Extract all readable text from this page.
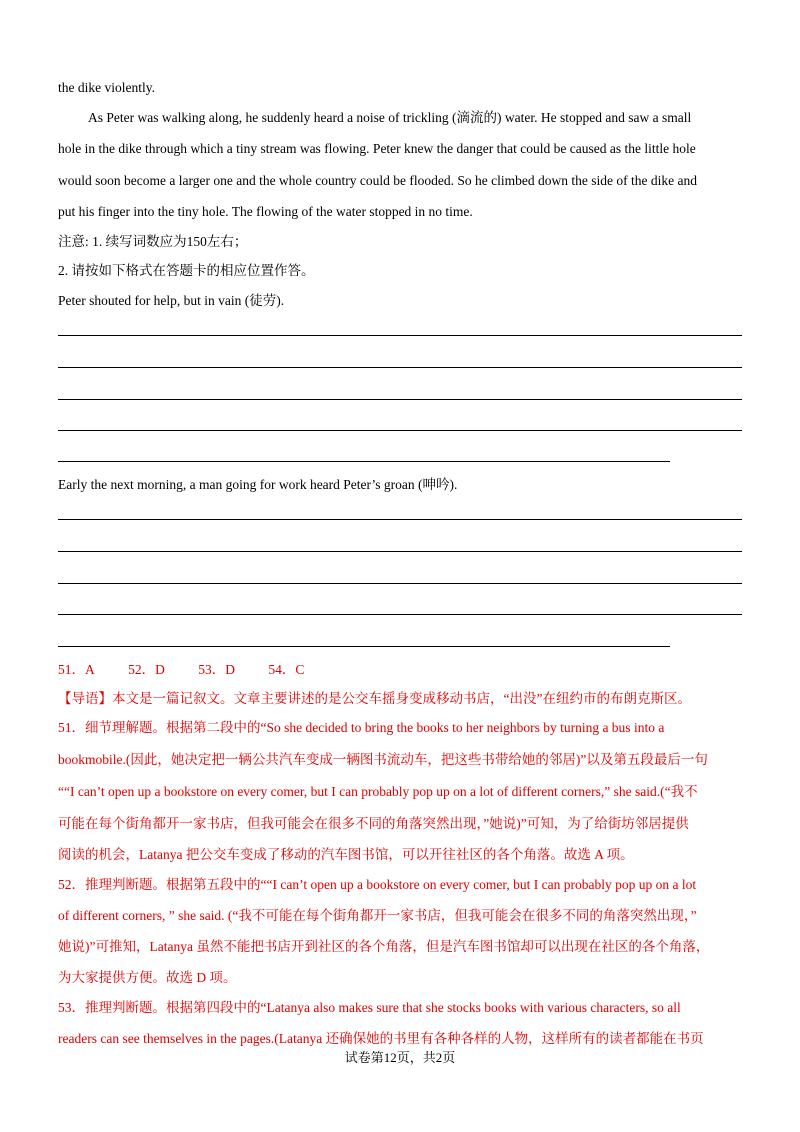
the dike violently.
As Peter was walking along, he suddenly heard a noise of trickling (滴流的) water. He stopped and saw a small
hole in the dike through which a tiny stream was flowing. Peter knew the danger that could be caused as the little hole
would soon become a larger one and the whole country could be flooded. So he climbed down the side of the dike and
put his finger into the tiny hole. The flowing of the water stopped in no time.
注意: 1. 续写词数应为150左右；
2. 请按如下格式在答题卡的相应位置作答。
Peter shouted for help, but in vain (徒劳).
Early the next morning, a man going for work heard Peter’s groan (呻吟).
51．A 52．D 53．D 54．C
【导语】本文是一篇记叙文。文章主要讲述的是公交车摇身变成移动书店，“出没”在纽约市的布朗克斯区。
51．细节理解题。根据第二段中的“So she decided to bring the books to her neighbors by turning a bus into a
bookmobile.(因此，她决定把一辆公共汽车变成一辆图书流动车，把这些书带给她的邻居)”以及第五段最后一句
““I can’t open up a bookstore on every comer, but I can probably pop up on a lot of different corners,” she said.(“我不
可能在每个街角都开一家书店，但我可能会在很多不同的角落突然出现，”她说)”可知，为了给街坊邻居提供
阅读的机会，Latanya 把公交车变成了移动的汽车图书馆，可以开往社区的各个角落。故选 A 项。
52．推理判断题。根据第五段中的““I can’t open up a bookstore on every comer, but I can probably pop up on a lot
of different corners, ” she said. (“我不可能在每个街角都开一家书店，但我可能会在很多不同的角落突然出现，”
她说)”可推知，Latanya 虽然不能把书店开到社区的各个角落，但是汽车图书馆却可以出现在社区的各个角落，
为大家提供方便。故选 D 项。
53．推理判断题。根据第四段中的“Latanya also makes sure that she stocks books with various characters, so all
readers can see themselves in the pages.(Latanya 还确保她的书里有各种各样的人物，这样所有的读者都能在书页
试卷第12页，共2页
